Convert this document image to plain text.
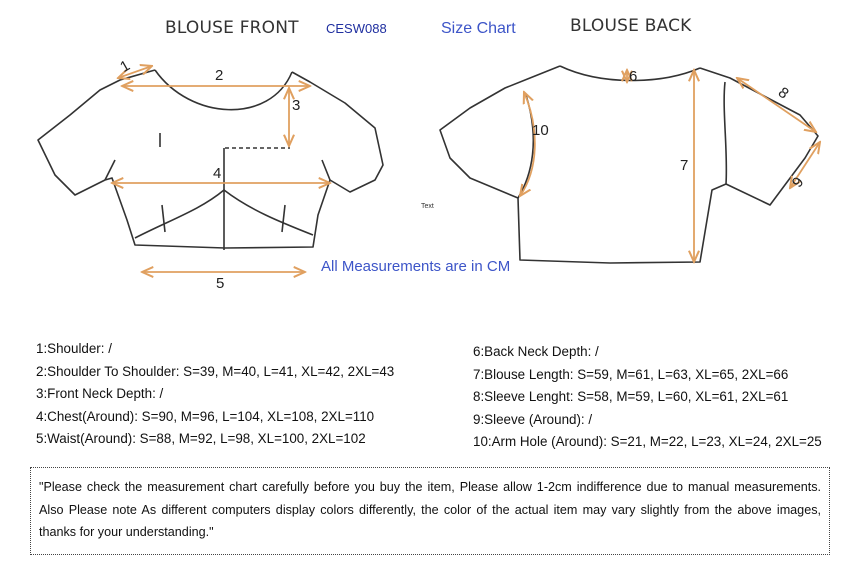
BLOUSE FRONT CESW088	Size Chart	BLOUSE BACK
1	2
3
4
5
6
7
8
9
10
Text
All Measurements are in CM
1:Shoulder: /
2:Shoulder To Shoulder: S=39, M=40, L=41, XL=42, 2XL=43
3:Front Neck Depth: /
4:Chest(Around): S=90, M=96, L=104, XL=108, 2XL=110
5:Waist(Around): S=88, M=92, L=98, XL=100, 2XL=102
6:Back Neck Depth: /
7:Blouse Length: S=59, M=61, L=63, XL=65, 2XL=66
8:Sleeve Lenght: S=58, M=59, L=60, XL=61, 2XL=61
9:Sleeve (Around): /
10:Arm Hole (Around): S=21, M=22, L=23, XL=24, 2XL=25
"Please check the measurement chart carefully before you buy the item, Please allow 1-2cm indifference due to manual measurements. Also Please note As different computers display colors differently, the color of the actual item may vary slightly from the above images, thanks for your understanding."
